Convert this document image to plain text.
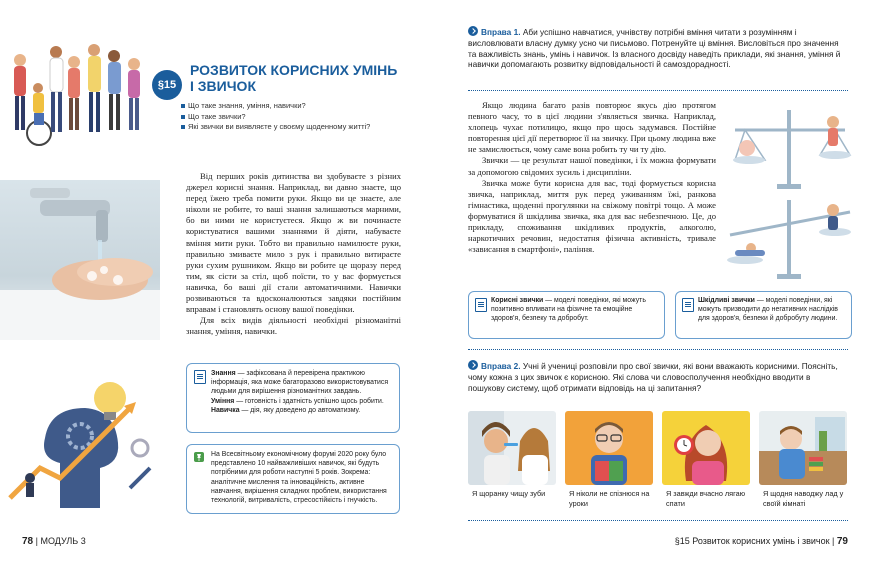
§15
РОЗВИТОК КОРИСНИХ УМІНЬ
І ЗВИЧОК
Що таке знання, уміння, навички?
Що таке звички?
Які звички ви виявляєте у своєму щоденному житті?

Від перших років дитинства ви здобуваєте з різних джерел корисні знання. Наприклад, ви давно знаєте, що перед їжею треба помити руки. Якщо ви це знаєте, але ніколи не робите, то ваші знання залишаються марними, бо ви ними не користуєтеся. Якщо ж ви починаєте користуватися вашими знаннями й діяти, набуваєте вміння мити руки. Тобто ви правильно намилюєте руки, правильно змиваєте мило з рук і правильно витираєте руки сухим рушником. Якщо ви робите це щоразу перед тим, як сісти за стіл, щоб поїсти, то у вас формується навичка, бо ваші дії стали автоматичними. Навички розвиваються та вдосконалюються завдяки постійним вправам і становлять основу вашої поведінки.

Для всіх видів діяльності необхідні різноманітні знання, уміння, навички.

Знання — зафіксована й перевірена практикою інформація, яка може багаторазово використовуватися людьми для вирішення різноманітних завдань.
Уміння — готовність і здатність успішно щось робити.
Навичка — дія, яку доведено до автоматизму.
На Всесвітньому економічному форумі 2020 року було представлено 10 найважливіших навичок, які будуть потрібними для роботи наступні 5 років. Зокрема: аналітичне мислення та інноваційність, активне навчання, вирішення складних проблем, використання технологій, витривалість, стресостійкість і гнучкість.
78 | МОДУЛЬ 3
Вправа 1. Аби успішно навчатися, учнівству потрібні вміння читати з розумінням і висловлювати власну думку усно чи письмово. Потренуйте ці вміння. Висловіться про значення та важливість знань, умінь і навичок. Із власного досвіду наведіть приклади, які знання, уміння й навички допомагають розвитку відповідальності й самоздорадності.

Якщо людина багато разів повторює якусь дію протягом певного часу, то в цієї людини з'являється звичка. Наприклад, хлопець чухає потилицю, якщо про щось задумався. Постійне повторення цієї дії перетворює її на звичку. При цьому людина вже не замислюється, чому саме вона робить ту чи ту дію.

Звички — це результат нашої поведінки, і їх можна формувати за допомогою свідомих зусиль і дисципліни.

Звичка може бути корисна для вас, тоді формується корисна звичка, наприклад, миття рук перед уживанням їжі, ранкова гімнастика, щоденні прогулянки на свіжому повітрі тощо. А може формуватися й шкідлива звичка, яка для вас небезпечною. Це, до прикладу, споживання шкідливих продуктів, алкоголю, наркотичних речовин, недостатня фізична активність, тривале «зависання в смартфоні», паління.

Корисні звички — моделі поведінки, які можуть позитивно впливати на фізичне та емоційне здоров'я, безпеку та добробут.
Шкідливі звички — моделі поведінки, які можуть призводити до негативних наслідків для здоров'я, безпеки й добробуту людини.
Вправа 2. Учні й учениці розповіли про свої звички, які вони вважають корисними. Поясніть, чому кожна з цих звичок є корисною. Які слова чи словосполучення необхідно вводити в пошукову систему, щоб отримати відповідь на ці запитання?
Я щоранку чищу зуби	Я ніколи не спізнюся на уроки
Я завжди вчасно лягаю спати
Я щодня наводжу лад у своїй кімнаті
§15 Розвиток корисних умінь і звичок | 79
